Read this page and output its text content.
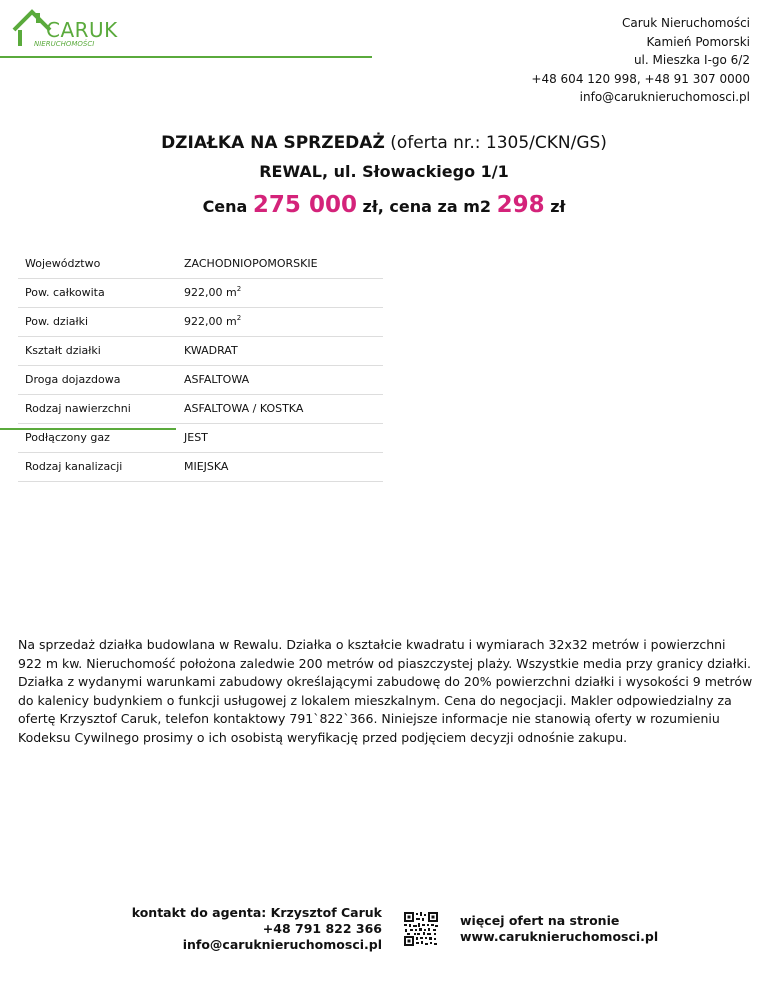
CARUK
NIERUCHOMOŚCI
Caruk Nieruchomości
Kamień Pomorski
ul. Mieszka I-go 6/2
+48 604 120 998, +48 91 307 0000
info@caruknieruchomosci.pl
DZIAŁKA NA SPRZEDAŻ (oferta nr.: 1305/CKN/GS)
REWAL, ul. Słowackiego 1/1
Cena 275 000 zł, cena za m2 298 zł
Województwo	ZACHODNIOPOMORSKIE
Pow. całkowita	922,00 $m^2$
Pow. działki	922,00 $m^2$
Kształt działki	KWADRAT
Droga dojazdowa	ASFALTOWA
Rodzaj nawierzchni	ASFALTOWA / KOSTKA
Podłączony gaz	JEST
Rodzaj kanalizacji	MIEJSKA
Na sprzedaż działka budowlana w Rewalu. Działka o kształcie kwadratu i wymiarach 32x32 metrów i powierzchni 922 m kw. Nieruchomość położona zaledwie 200 metrów od piaszczystej plaży. Wszystkie media przy granicy działki. Działka z wydanymi warunkami zabudowy określającymi zabudowę do 20% powierzchni działki i wysokości 9 metrów do kalenicy budynkiem o funkcji usługowej z lokalem mieszkalnym. Cena do negocjacji. Makler odpowiedzialny za ofertę Krzysztof Caruk, telefon kontaktowy 791`822`366. Niniejsze informacje nie stanowią oferty w rozumieniu Kodeksu Cywilnego prosimy o ich osobistą weryfikację przed podjęciem decyzji odnośnie zakupu.
kontakt do agenta: Krzysztof Caruk
+48 791 822 366
info@caruknieruchomosci.pl
więcej ofert na stronie
www.caruknieruchomosci.pl
